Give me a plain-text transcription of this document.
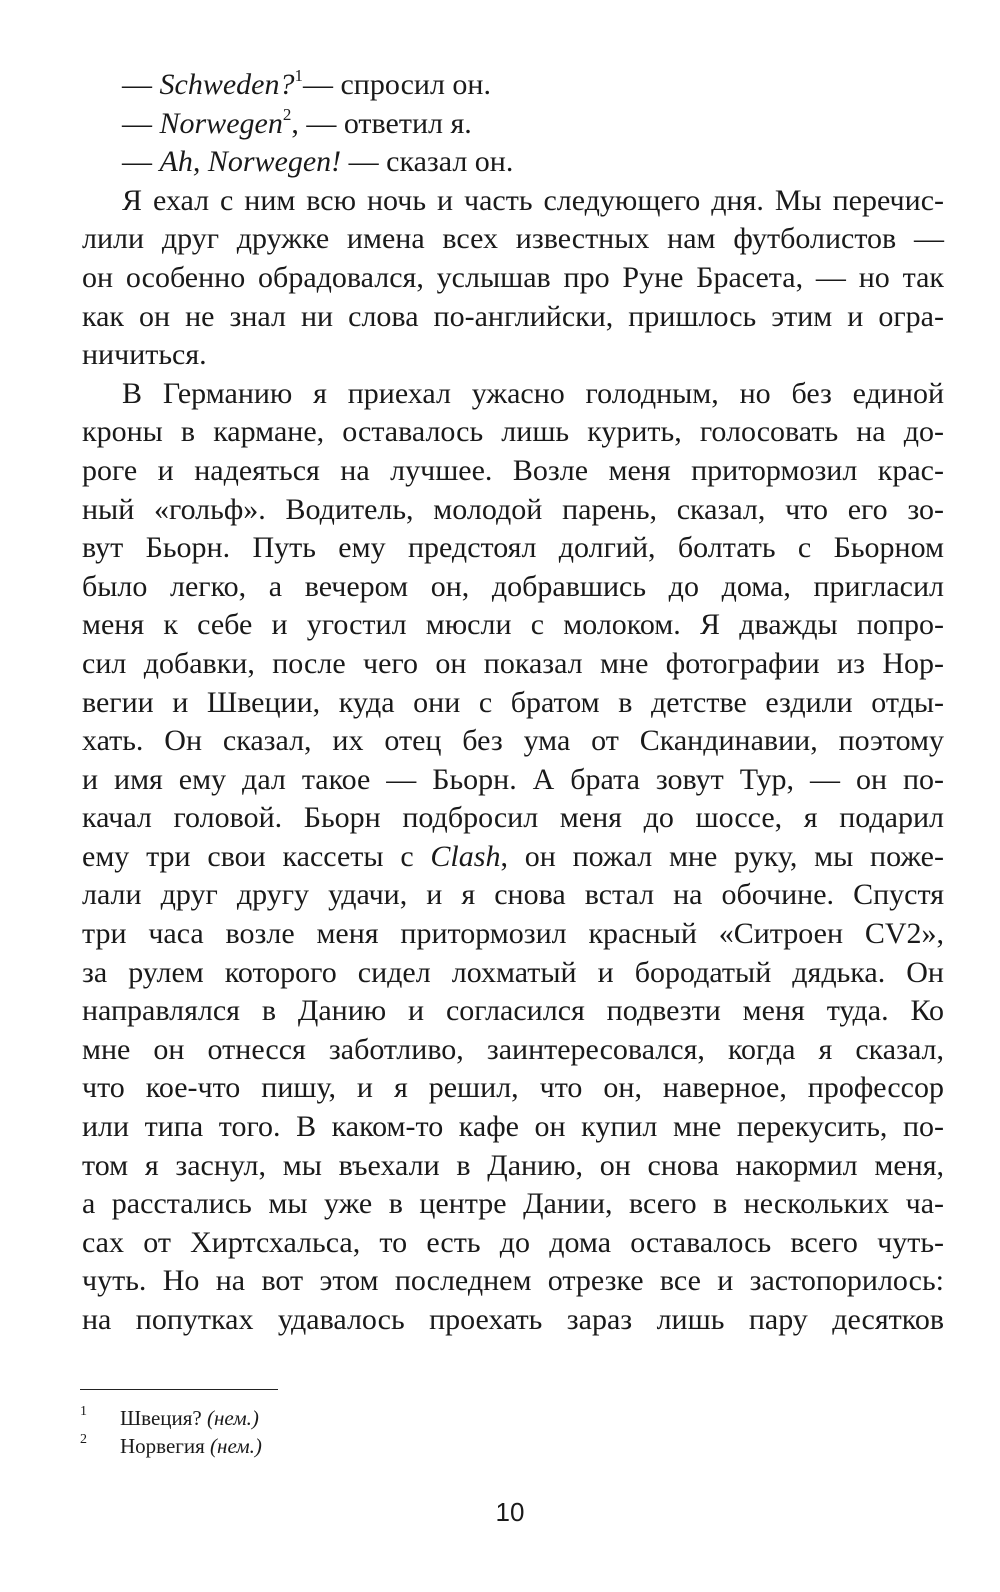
— Schweden?$^1$— спросил он.
— Norwegen$^2$, — ответил я.
— Ah, Norwegen! — сказал он.
Я ехал с ним всю ночь и часть следующего дня. Мы перечис-
лили друг дружке имена всех известных нам футболистов —
он особенно обрадовался, услышав про Руне Брасета, — но так
как он не знал ни слова по-английски, пришлось этим и огра-
ничиться.
В Германию я приехал ужасно голодным, но без единой
кроны в кармане, оставалось лишь курить, голосовать на до-
роге и надеяться на лучшее. Возле меня притормозил крас-
ный «гольф». Водитель, молодой парень, сказал, что его зо-
вут Бьорн. Путь ему предстоял долгий, болтать с Бьорном
было легко, а вечером он, добравшись до дома, пригласил
меня к себе и угостил мюсли с молоком. Я дважды попро-
сил добавки, после чего он показал мне фотографии из Нор-
вегии и Швеции, куда они с братом в детстве ездили отды-
хать. Он сказал, их отец без ума от Скандинавии, поэтому
и имя ему дал такое — Бьорн. А брата зовут Тур, — он по-
качал головой. Бьорн подбросил меня до шоссе, я подарил
ему три свои кассеты с Clash, он пожал мне руку, мы поже-
лали друг другу удачи, и я снова встал на обочине. Спустя
три часа возле меня притормозил красный «Ситроен CV2»,
за рулем которого сидел лохматый и бородатый дядька. Он
направлялся в Данию и согласился подвезти меня туда. Ко
мне он отнесся заботливо, заинтересовался, когда я сказал,
что кое-что пишу, и я решил, что он, наверное, профессор
или типа того. В каком-то кафе он купил мне перекусить, по-
том я заснул, мы въехали в Данию, он снова накормил меня,
а расстались мы уже в центре Дании, всего в нескольких ча-
сах от Хиртсхальса, то есть до дома оставалось всего чуть-
чуть. Но на вот этом последнем отрезке все и застопорилось:
на попутках удавалось проехать зараз лишь пару десятков
1	Швеция? (нем.)
2	Норвегия (нем.)
10
